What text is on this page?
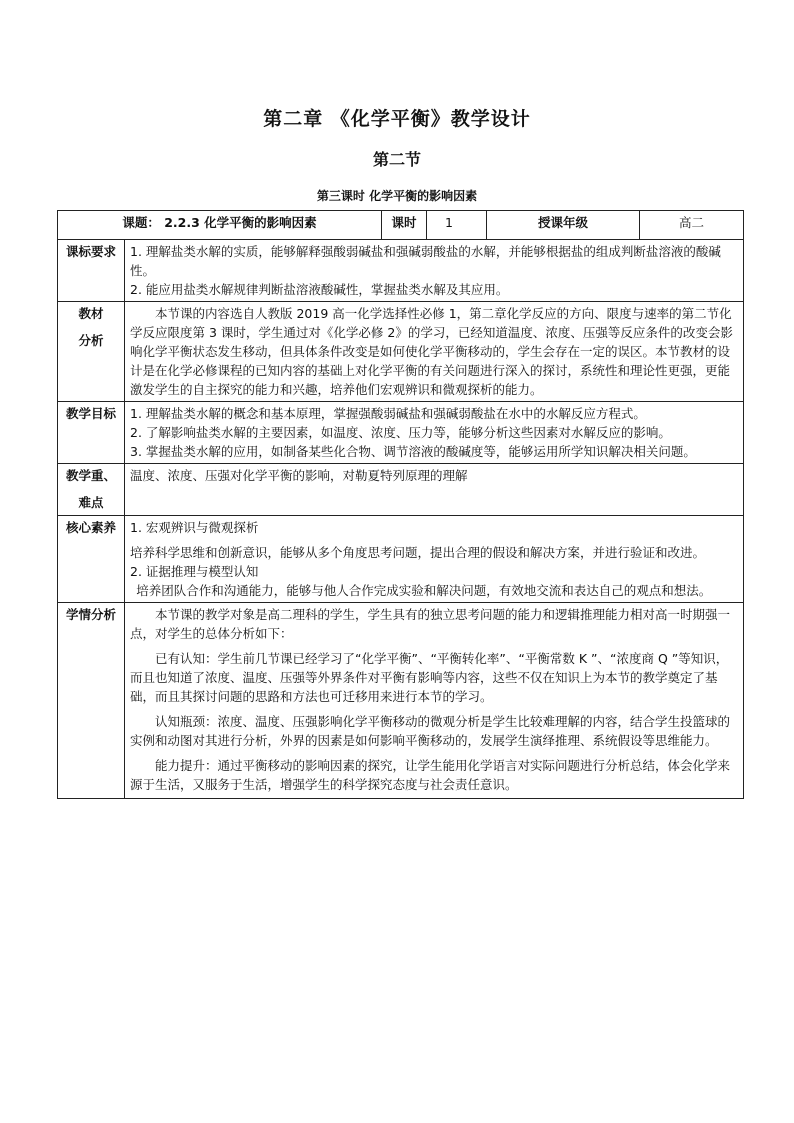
第二章 《化学平衡》教学设计
第二节
第三课时 化学平衡的影响因素
课题： 2.2.3 化学平衡的影响因素		课时	1	授课年级	高二
课标要求	1. 理解盐类水解的实质，能够解释强酸弱碱盐和强碱弱酸盐的水解，并能够根据盐的组成判断盐溶液的酸碱性。

2. 能应用盐类水解规律判断盐溶液酸碱性，掌握盐类水解及其应用。				

教材
分析	本节课的内容选自人教版 2019 高一化学选择性必修 1，第二章化学反应的方向、限度与速率的第二节化学反应限度第 3 课时，学生通过对《化学必修 2》的学习，已经知道温度、浓度、压强等反应条件的改变会影响化学平衡状态发生移动，但具体条件改变是如何使化学平衡移动的，学生会存在一定的误区。本节教材的设计是在化学必修课程的已知内容的基础上对化学平衡的有关问题进行深入的探讨，系统性和理论性更强，更能激发学生的自主探究的能力和兴趣，培养他们宏观辨识和微观探析的能力。				

教学目标	1. 理解盐类水解的概念和基本原理，掌握强酸弱碱盐和强碱弱酸盐在水中的水解反应方程式。

2. 了解影响盐类水解的主要因素，如温度、浓度、压力等，能够分析这些因素对水解反应的影响。

3. 掌握盐类水解的应用，如制备某些化合物、调节溶液的酸碱度等，能够运用所学知识解决相关问题。				

教学重、
难点	温度、浓度、压强对化学平衡的影响，对勒夏特列原理的理解				
核心素养	1. 宏观辨识与微观探析

培养科学思维和创新意识，能够从多个角度思考问题，提出合理的假设和解决方案，并进行验证和改进。

2. 证据推理与模型认知

培养团队合作和沟通能力，能够与他人合作完成实验和解决问题，有效地交流和表达自己的观点和想法。				

学情分析	本节课的教学对象是高二理科的学生，学生具有的独立思考问题的能力和逻辑推理能力相对高一时期强一点，对学生的总体分析如下：

已有认知：学生前几节课已经学习了“化学平衡”、“平衡转化率”、“平衡常数 K ”、“浓度商 Q ”等知识，而且也知道了浓度、温度、压强等外界条件对平衡有影响等内容，这些不仅在知识上为本节的教学奠定了基础，而且其探讨问题的思路和方法也可迁移用来进行本节的学习。

认知瓶颈：浓度、温度、压强影响化学平衡移动的微观分析是学生比较难理解的内容，结合学生投篮球的实例和动图对其进行分析，外界的因素是如何影响平衡移动的，发展学生演绎推理、系统假设等思维能力。

能力提升：通过平衡移动的影响因素的探究，让学生能用化学语言对实际问题进行分析总结，体会化学来源于生活，又服务于生活，增强学生的科学探究态度与社会责任意识。				
